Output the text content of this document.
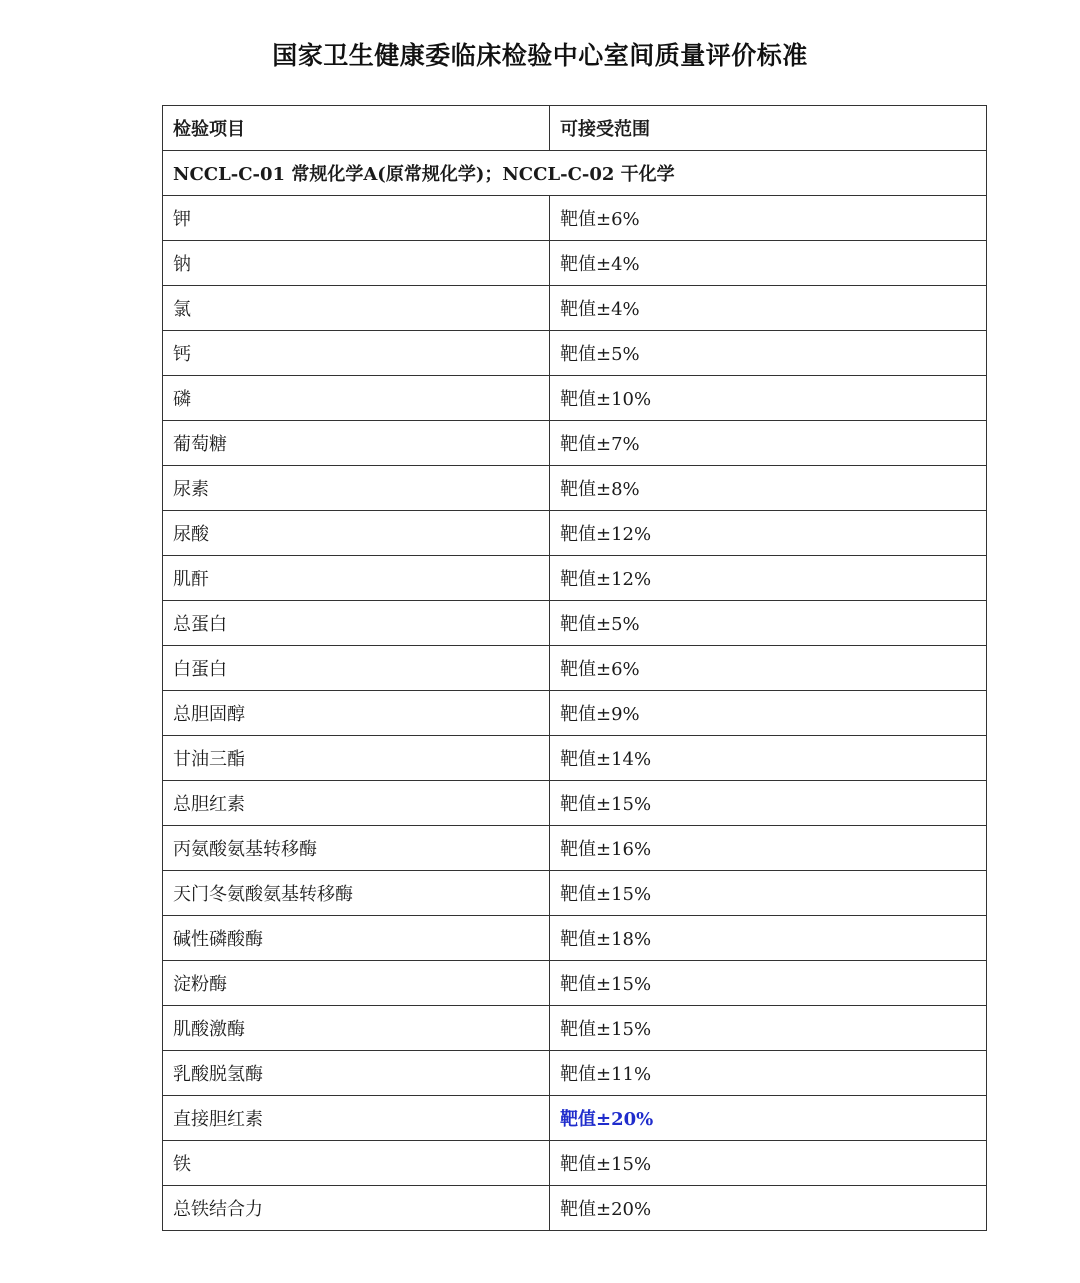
国家卫生健康委临床检验中心室间质量评价标准
检验项目	可接受范围
NCCL-C-01 常规化学A(原常规化学)；NCCL-C-02 干化学	
钾	靶值±6%
钠	靶值±4%
氯	靶值±4%
钙	靶值±5%
磷	靶值±10%
葡萄糖	靶值±7%
尿素	靶值±8%
尿酸	靶值±12%
肌酐	靶值±12%
总蛋白	靶值±5%
白蛋白	靶值±6%
总胆固醇	靶值±9%
甘油三酯	靶值±14%
总胆红素	靶值±15%
丙氨酸氨基转移酶	靶值±16%
天门冬氨酸氨基转移酶	靶值±15%
碱性磷酸酶	靶值±18%
淀粉酶	靶值±15%
肌酸激酶	靶值±15%
乳酸脱氢酶	靶值±11%
直接胆红素	靶值±20%
铁	靶值±15%
总铁结合力	靶值±20%
